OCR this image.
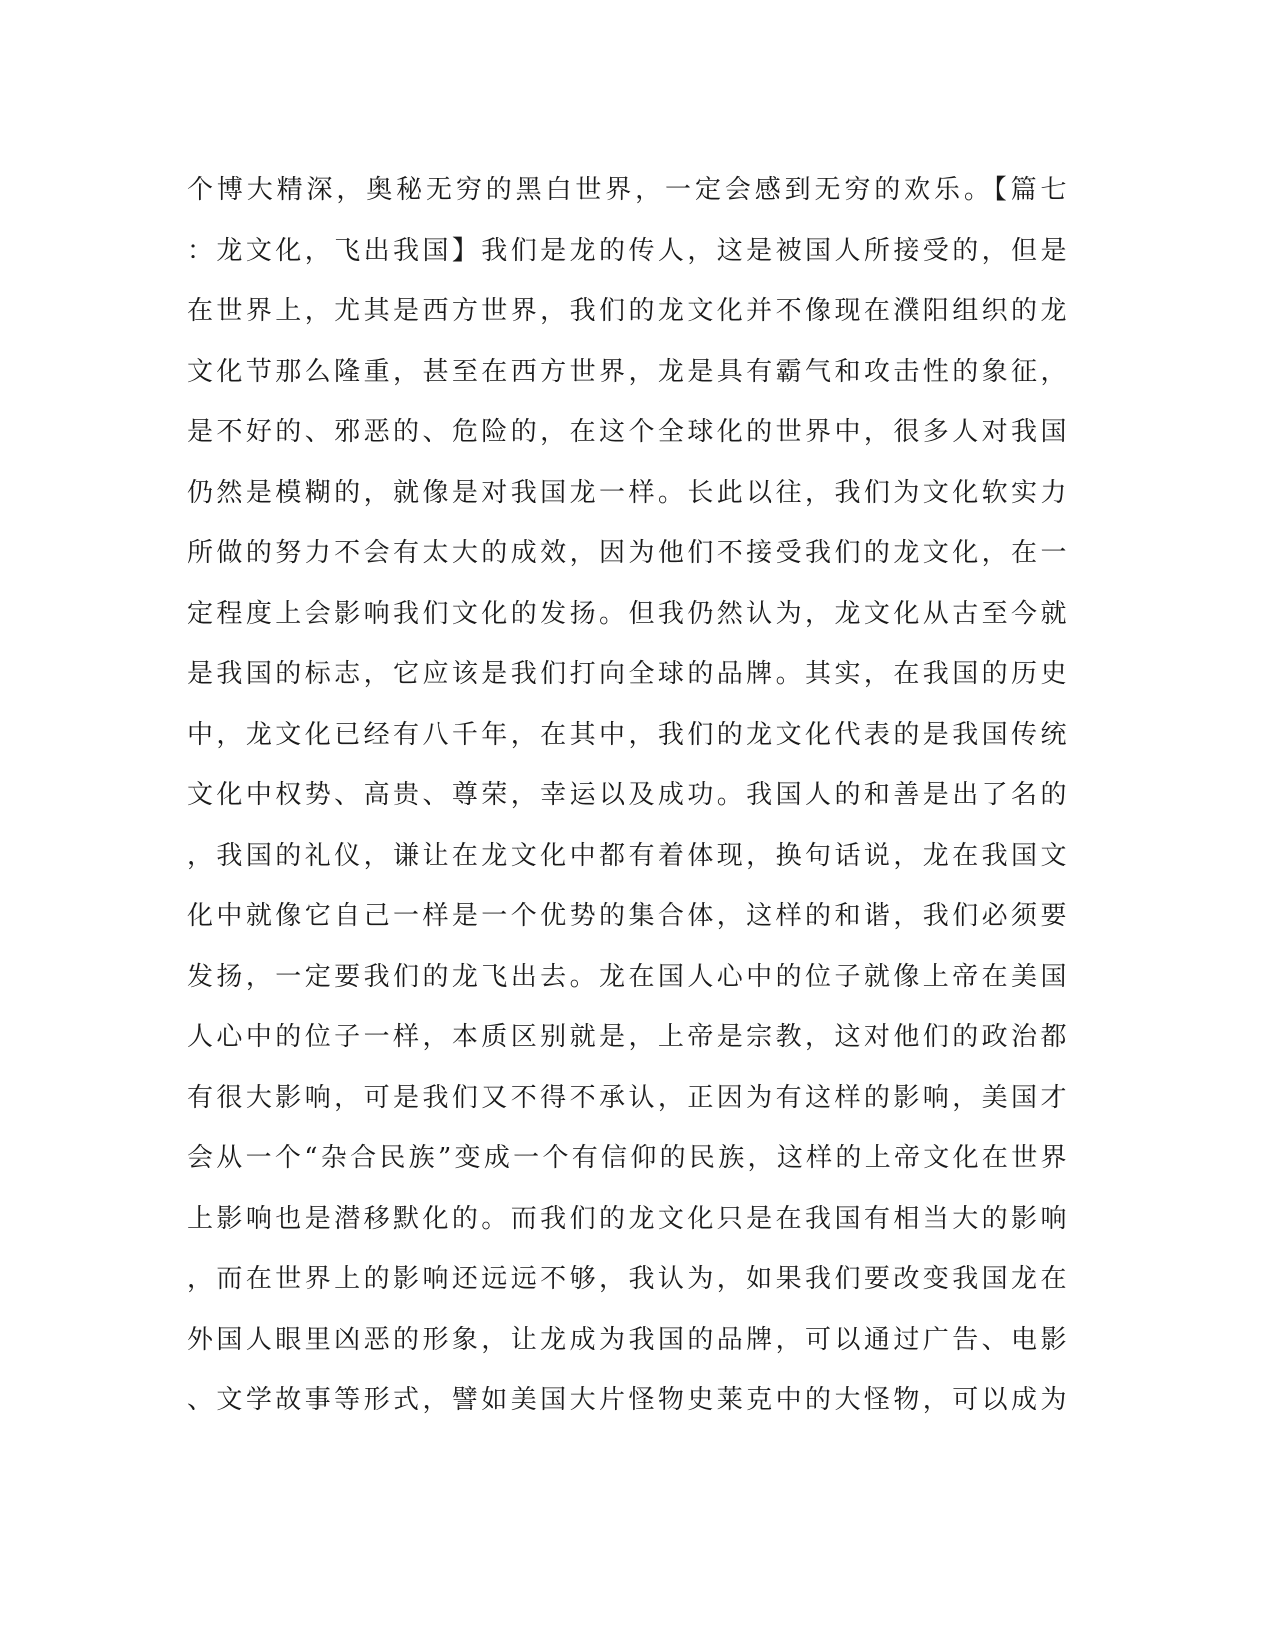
个博大精深，奥秘无穷的黑白世界，一定会感到无穷的欢乐。【篇七
：龙文化，飞出我国】我们是龙的传人，这是被国人所接受的，但是
在世界上，尤其是西方世界，我们的龙文化并不像现在濮阳组织的龙
文化节那么隆重，甚至在西方世界，龙是具有霸气和攻击性的象征，
是不好的、邪恶的、危险的，在这个全球化的世界中，很多人对我国
仍然是模糊的，就像是对我国龙一样。长此以往，我们为文化软实力
所做的努力不会有太大的成效，因为他们不接受我们的龙文化，在一
定程度上会影响我们文化的发扬。但我仍然认为，龙文化从古至今就
是我国的标志，它应该是我们打向全球的品牌。其实，在我国的历史
中，龙文化已经有八千年，在其中，我们的龙文化代表的是我国传统
文化中权势、高贵、尊荣，幸运以及成功。我国人的和善是出了名的
，我国的礼仪，谦让在龙文化中都有着体现，换句话说，龙在我国文
化中就像它自己一样是一个优势的集合体，这样的和谐，我们必须要
发扬，一定要我们的龙飞出去。龙在国人心中的位子就像上帝在美国
人心中的位子一样，本质区别就是，上帝是宗教，这对他们的政治都
有很大影响，可是我们又不得不承认，正因为有这样的影响，美国才
会从一个“杂合民族”变成一个有信仰的民族，这样的上帝文化在世界
上影响也是潜移默化的。而我们的龙文化只是在我国有相当大的影响
，而在世界上的影响还远远不够，我认为，如果我们要改变我国龙在
外国人眼里凶恶的形象，让龙成为我国的品牌，可以通过广告、电影
、文学故事等形式，譬如美国大片怪物史莱克中的大怪物，可以成为
